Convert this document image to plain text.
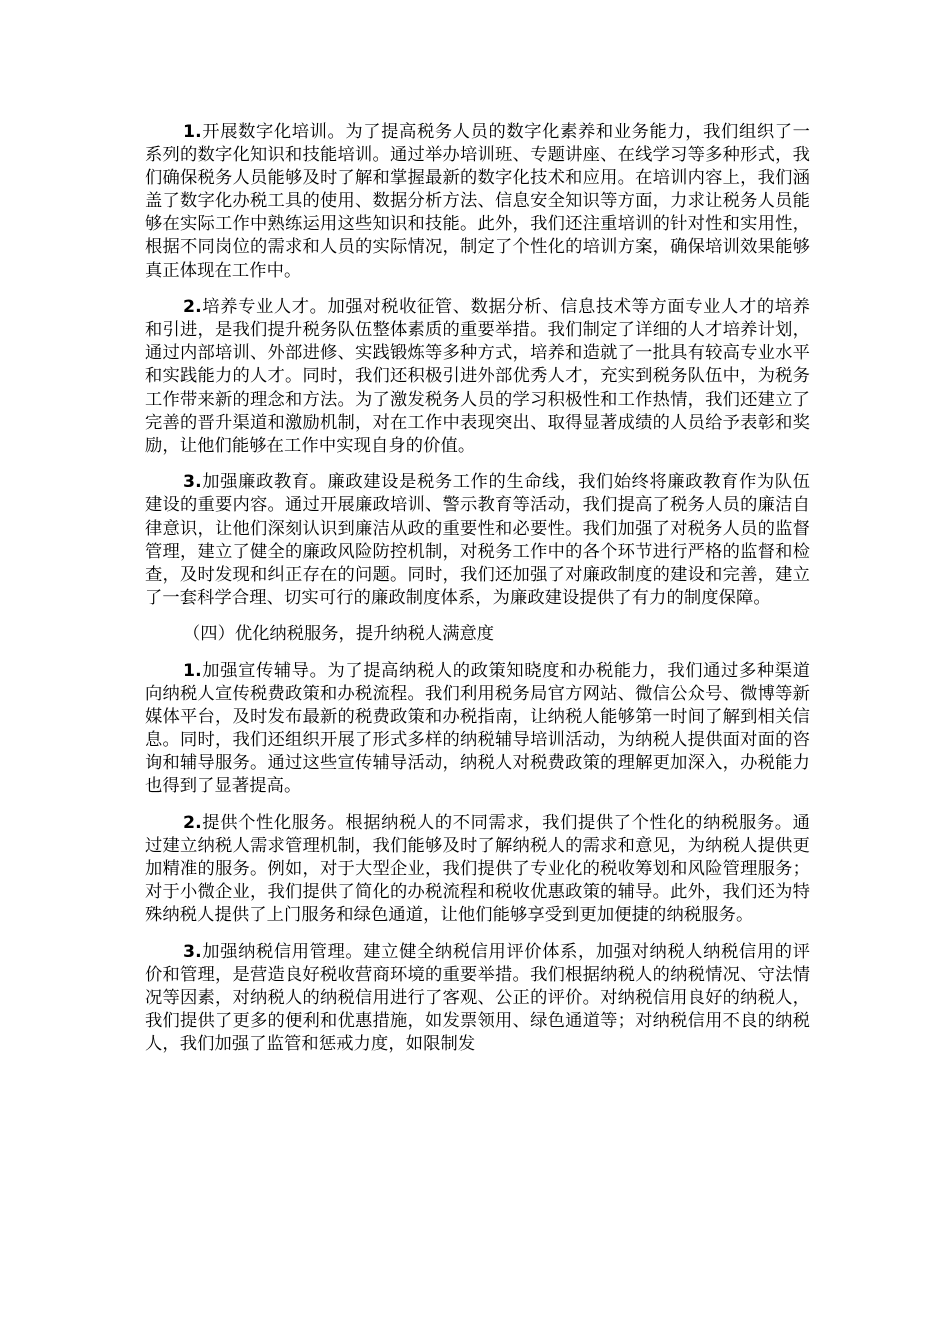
1.开展数字化培训。为了提高税务人员的数字化素养和业务能力，我们组织了一系列的数字化知识和技能培训。通过举办培训班、专题讲座、在线学习等多种形式，我们确保税务人员能够及时了解和掌握最新的数字化技术和应用。在培训内容上，我们涵盖了数字化办税工具的使用、数据分析方法、信息安全知识等方面，力求让税务人员能够在实际工作中熟练运用这些知识和技能。此外，我们还注重培训的针对性和实用性，根据不同岗位的需求和人员的实际情况，制定了个性化的培训方案，确保培训效果能够真正体现在工作中。

2.培养专业人才。加强对税收征管、数据分析、信息技术等方面专业人才的培养和引进，是我们提升税务队伍整体素质的重要举措。我们制定了详细的人才培养计划，通过内部培训、外部进修、实践锻炼等多种方式，培养和造就了一批具有较高专业水平和实践能力的人才。同时，我们还积极引进外部优秀人才，充实到税务队伍中，为税务工作带来新的理念和方法。为了激发税务人员的学习积极性和工作热情，我们还建立了完善的晋升渠道和激励机制，对在工作中表现突出、取得显著成绩的人员给予表彰和奖励，让他们能够在工作中实现自身的价值。

3.加强廉政教育。廉政建设是税务工作的生命线，我们始终将廉政教育作为队伍建设的重要内容。通过开展廉政培训、警示教育等活动，我们提高了税务人员的廉洁自律意识，让他们深刻认识到廉洁从政的重要性和必要性。我们加强了对税务人员的监督管理，建立了健全的廉政风险防控机制，对税务工作中的各个环节进行严格的监督和检查，及时发现和纠正存在的问题。同时，我们还加强了对廉政制度的建设和完善，建立了一套科学合理、切实可行的廉政制度体系，为廉政建设提供了有力的制度保障。

（四）优化纳税服务，提升纳税人满意度

1.加强宣传辅导。为了提高纳税人的政策知晓度和办税能力，我们通过多种渠道向纳税人宣传税费政策和办税流程。我们利用税务局官方网站、微信公众号、微博等新媒体平台，及时发布最新的税费政策和办税指南，让纳税人能够第一时间了解到相关信息。同时，我们还组织开展了形式多样的纳税辅导培训活动，为纳税人提供面对面的咨询和辅导服务。通过这些宣传辅导活动，纳税人对税费政策的理解更加深入，办税能力也得到了显著提高。

2.提供个性化服务。根据纳税人的不同需求，我们提供了个性化的纳税服务。通过建立纳税人需求管理机制，我们能够及时了解纳税人的需求和意见，为纳税人提供更加精准的服务。例如，对于大型企业，我们提供了专业化的税收筹划和风险管理服务；对于小微企业，我们提供了简化的办税流程和税收优惠政策的辅导。此外，我们还为特殊纳税人提供了上门服务和绿色通道，让他们能够享受到更加便捷的纳税服务。

3.加强纳税信用管理。建立健全纳税信用评价体系，加强对纳税人纳税信用的评价和管理，是营造良好税收营商环境的重要举措。我们根据纳税人的纳税情况、守法情况等因素，对纳税人的纳税信用进行了客观、公正的评价。对纳税信用良好的纳税人，我们提供了更多的便利和优惠措施，如发票领用、绿色通道等；对纳税信用不良的纳税人，我们加强了监管和惩戒力度，如限制发
